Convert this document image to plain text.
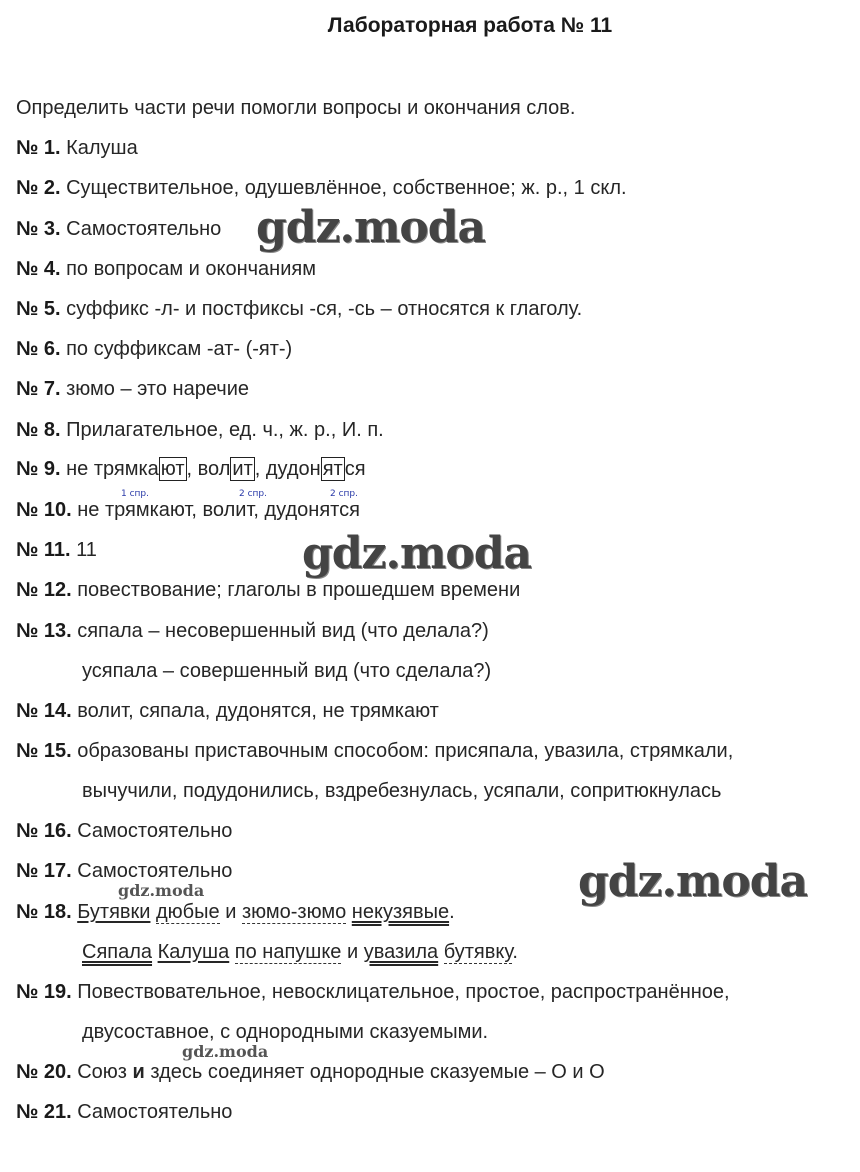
Лабораторная работа № 11
Определить части речи помогли вопросы и окончания слов.
№ 1. Калуша
№ 2. Существительное, одушевлённое, собственное; ж. р., 1 скл.
№ 3. Самостоятельно
№ 4. по вопросам и окончаниям
№ 5. суффикс -л- и постфиксы -ся, -сь – относятся к глаголу.
№ 6. по суффиксам -ат- (-ят-)
№ 7. зюмо – это наречие
№ 8. Прилагательное, ед. ч., ж. р., И. п.
№ 9. не трямка ют , вол ит , дудон ят ся
1 спр.	2 спр.	2 спр.
№ 10. не трямкают, волит, дудонятся
№ 11. 11
№ 12. повествование; глаголы в прошедшем времени
№ 13. сяпала – несовершенный вид (что делала?)
усяпала – совершенный вид (что сделала?)
№ 14. волит, сяпала, дудонятся, не трямкают
№ 15. образованы приставочным способом: присяпала, увазила, стрямкали,
вычучили, подудонились, вздребезнулась, усяпали, сопритюкнулась
№ 16. Самостоятельно
№ 17. Самостоятельно
№ 18. Бутявки дюбые и зюмо-зюмо некузявые.
Сяпала Калуша по напушке и увазила бутявку.
№ 19. Повествовательное, невосклицательное, простое, распространённое,
двусоставное, с однородными сказуемыми.
№ 20. Союз и здесь соединяет однородные сказуемые – О и О
№ 21. Самостоятельно
gdz.moda
gdz.moda
gdz.moda
gdz.moda
gdz.moda
